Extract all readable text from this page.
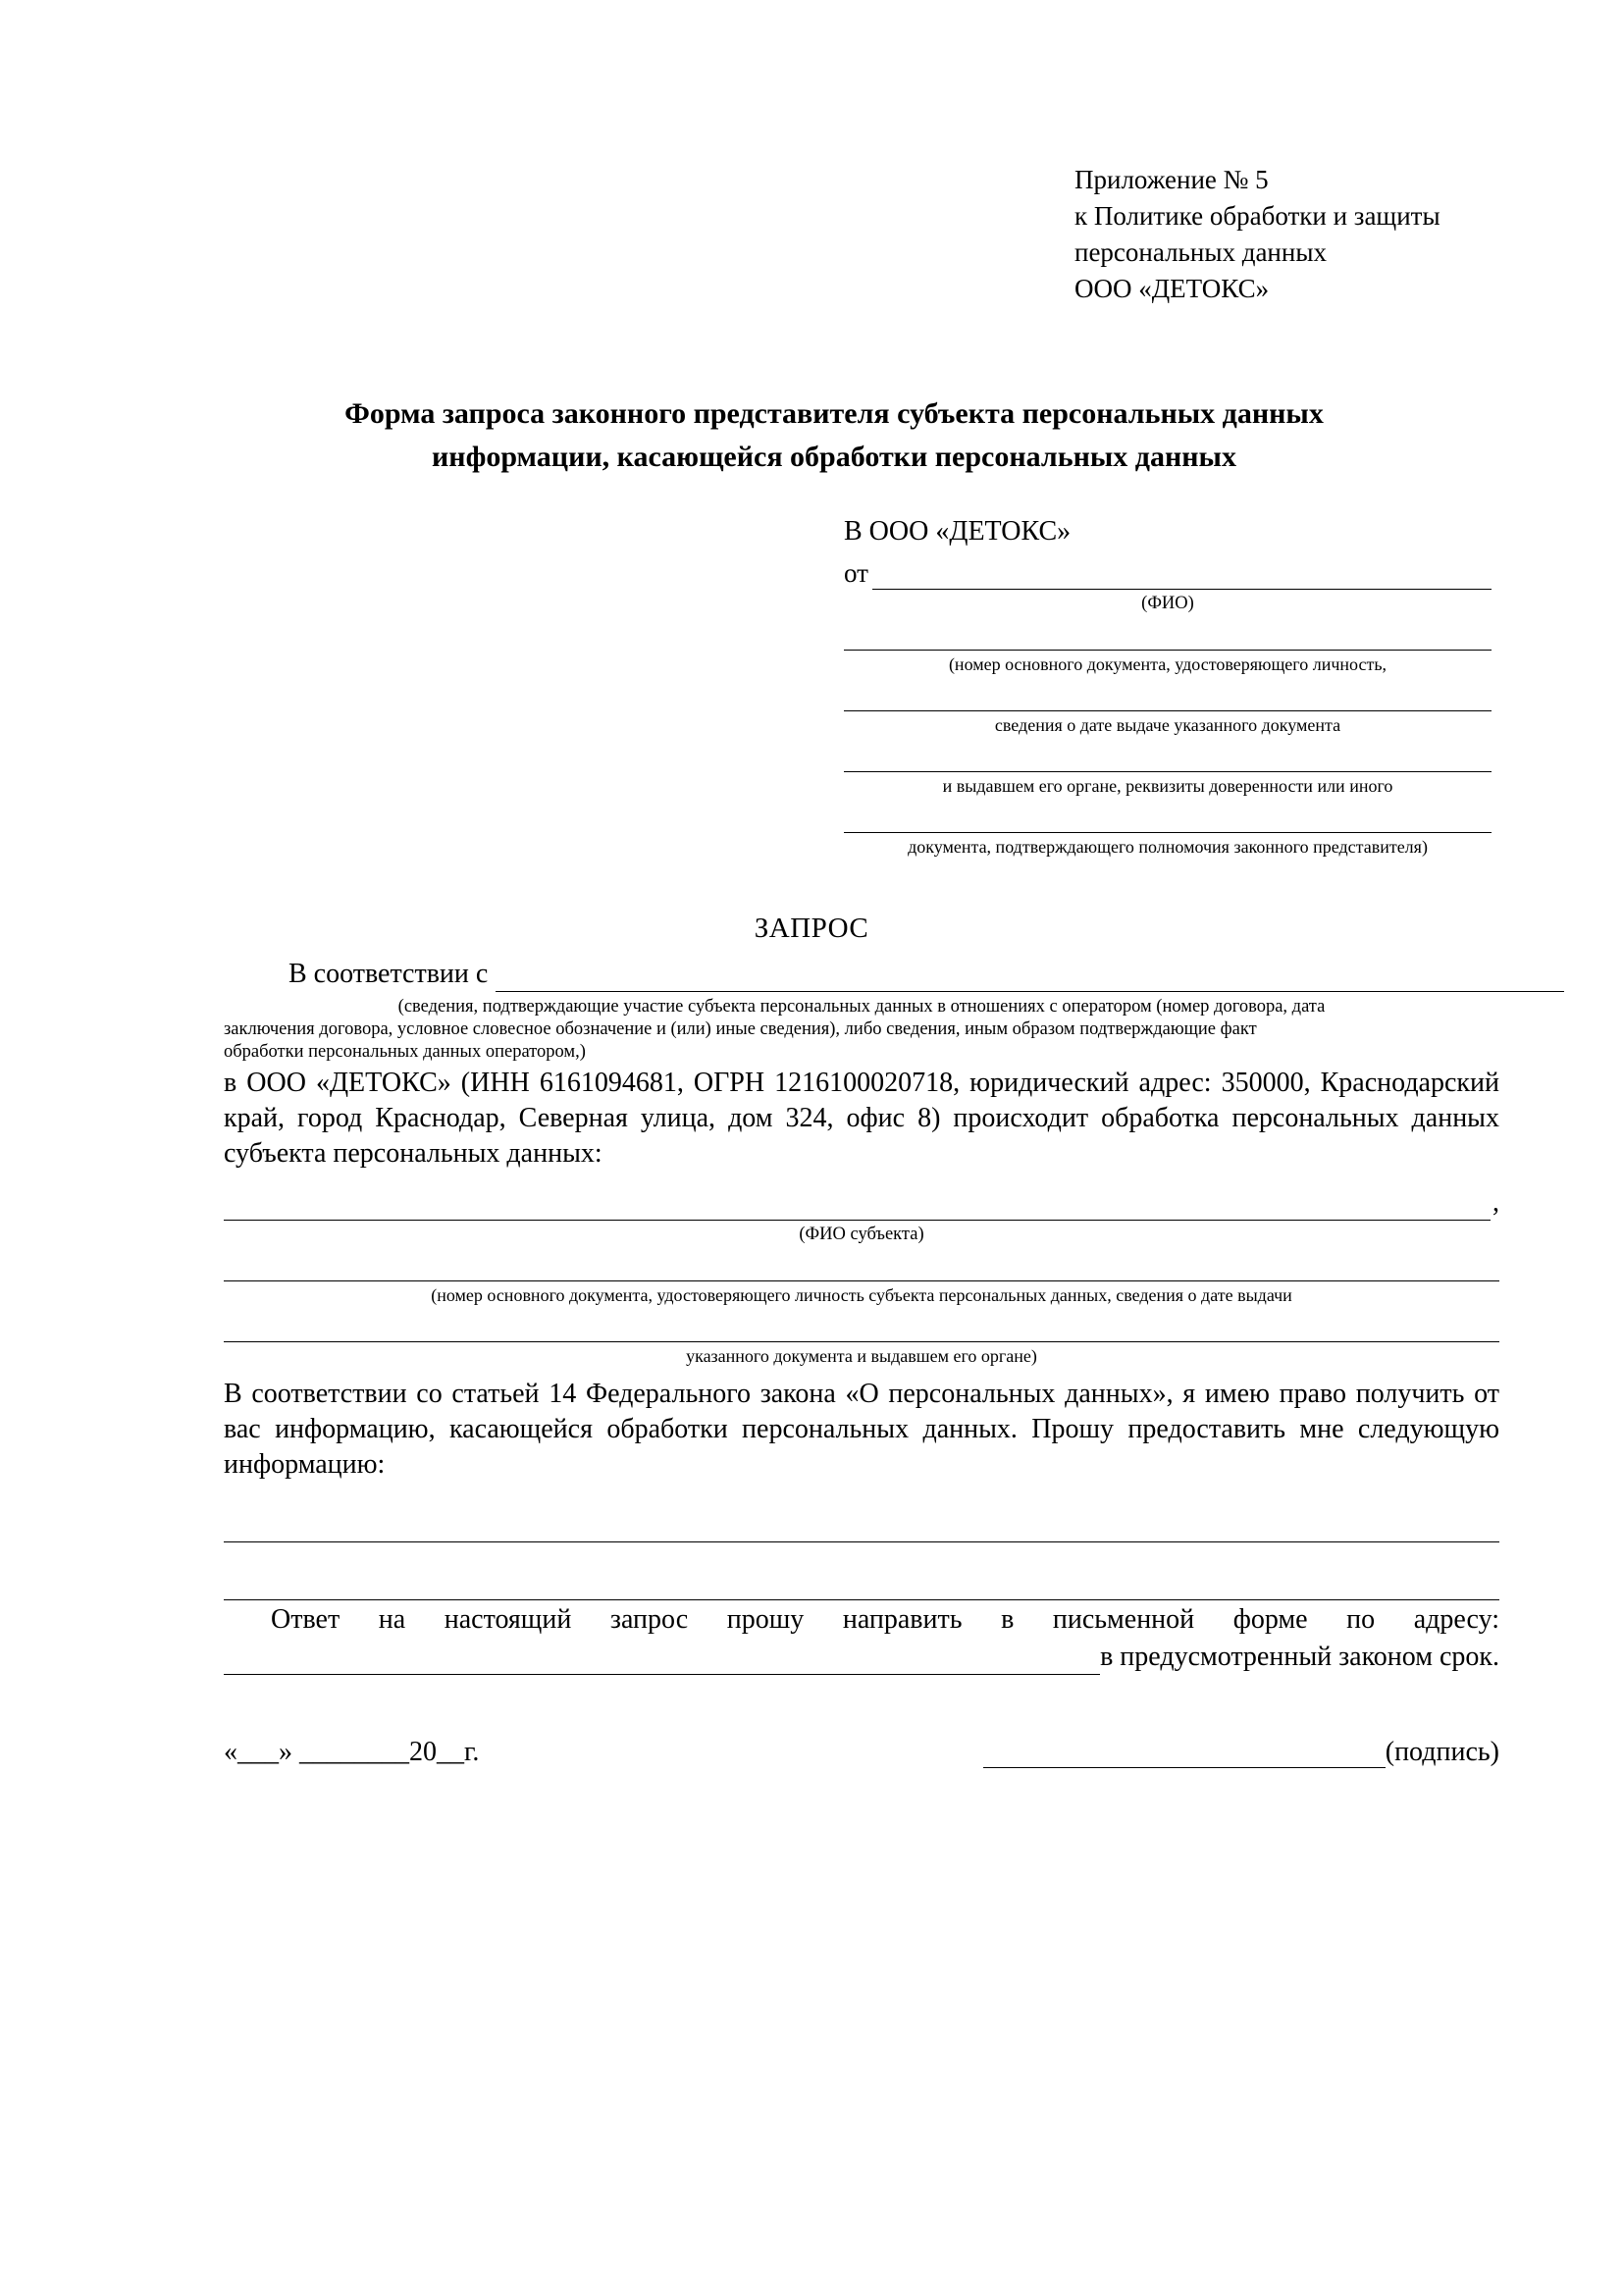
Приложение № 5
к Политике обработки и защиты
персональных данных
ООО «ДЕТОКС»
Форма запроса законного представителя субъекта персональных данных
информации, касающейся обработки персональных данных
В ООО «ДЕТОКС»
от
(ФИО)
(номер основного документа, удостоверяющего личность,
сведения о дате выдаче указанного документа
и выдавшем его органе, реквизиты доверенности или иного
документа, подтверждающего полномочия законного представителя)
ЗАПРОС
В соответствии с
(сведения, подтверждающие участие субъекта персональных данных в отношениях с оператором (номер договора, дата
заключения договора, условное словесное обозначение и (или) иные сведения), либо сведения, иным образом подтверждающие факт
обработки персональных данных оператором,)
в ООО «ДЕТОКС» (ИНН 6161094681, ОГРН 1216100020718, юридический адрес: 350000, Краснодарский край, город Краснодар, Северная улица, дом 324, офис 8) происходит обработка персональных данных субъекта персональных данных:
,
(ФИО субъекта)
(номер основного документа, удостоверяющего личность субъекта персональных данных, сведения о дате выдачи
указанного документа и выдавшем его органе)
В соответствии со статьей 14 Федерального закона «О персональных данных», я имею право получить от вас информацию, касающейся обработки персональных данных. Прошу предоставить мне следующую информацию:
Ответ на настоящий запрос прошу направить в письменной форме по адресу:
в предусмотренный законом срок.
«___» ________20__г.	(подпись)
